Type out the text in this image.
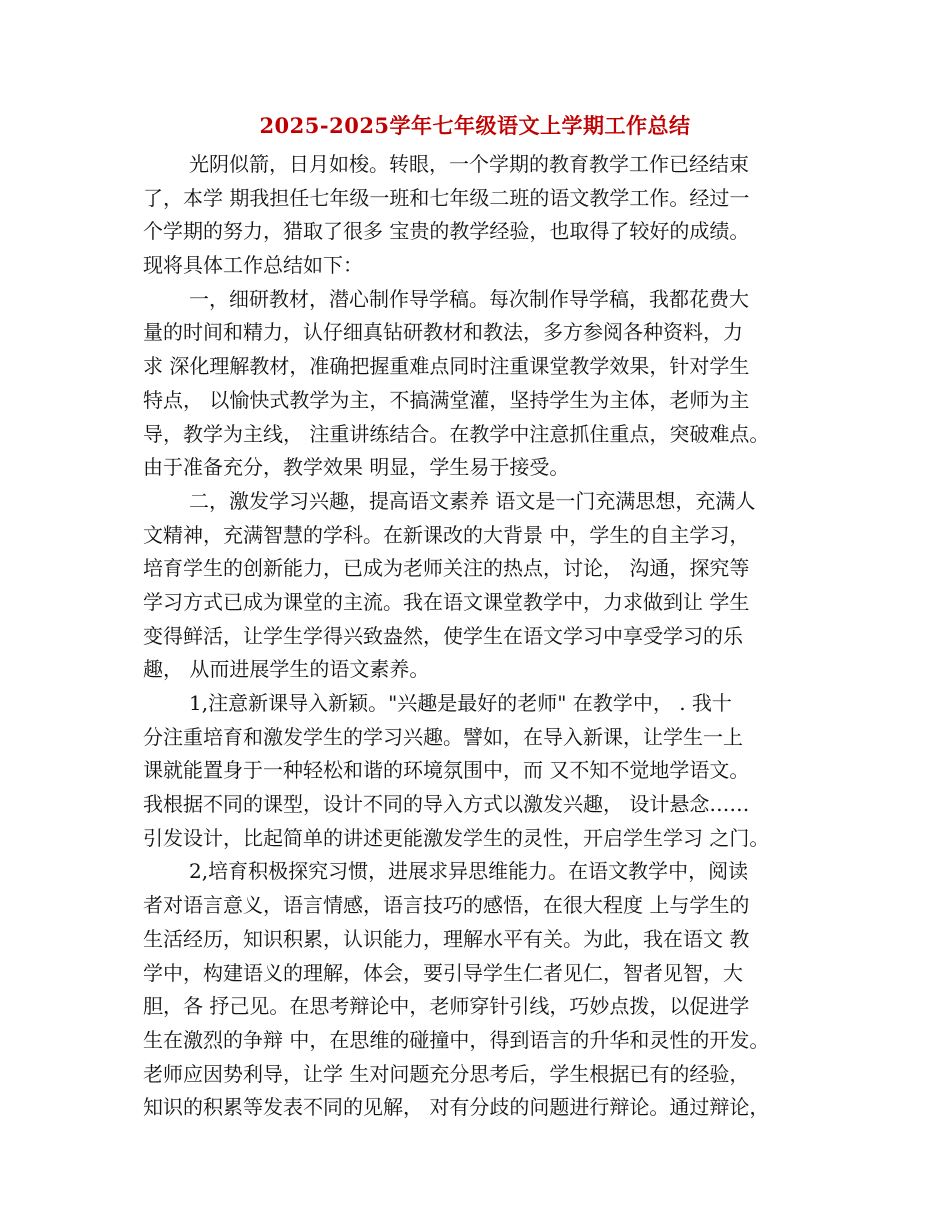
2025-2025学年七年级语文上学期工作总结
光阴似箭，日月如梭。转眼，一个学期的教育教学工作已经结束
了，本学 期我担任七年级一班和七年级二班的语文教学工作。经过一
个学期的努力，猎取了很多 宝贵的教学经验，也取得了较好的成绩。
现将具体工作总结如下：
一，细研教材，潜心制作导学稿。每次制作导学稿，我都花费大
量的时间和精力，认仔细真钻研教材和教法，多方参阅各种资料，力
求 深化理解教材，准确把握重难点同时注重课堂教学效果，针对学生
特点， 以愉快式教学为主，不搞满堂灌，坚持学生为主体，老师为主
导，教学为主线， 注重讲练结合。在教学中注意抓住重点，突破难点。
由于准备充分，教学效果 明显，学生易于接受。
二，激发学习兴趣，提高语文素养 语文是一门充满思想，充满人
文精神，充满智慧的学科。在新课改的大背景 中，学生的自主学习，
培育学生的创新能力，已成为老师关注的热点，讨论， 沟通，探究等
学习方式已成为课堂的主流。我在语文课堂教学中，力求做到让 学生
变得鲜活，让学生学得兴致盎然，使学生在语文学习中享受学习的乐
趣， 从而进展学生的语文素养。
1,注意新课导入新颖。"兴趣是最好的老师" 在教学中， . 我十
分注重培育和激发学生的学习兴趣。譬如，在导入新课，让学生一上
课就能置身于一种轻松和谐的环境氛围中，而 又不知不觉地学语文。
我根据不同的课型，设计不同的导入方式以激发兴趣， 设计悬念……
引发设计，比起简单的讲述更能激发学生的灵性，开启学生学习 之门。
2,培育积极探究习惯，进展求异思维能力。在语文教学中，阅读
者对语言意义，语言情感，语言技巧的感悟，在很大程度 上与学生的
生活经历，知识积累，认识能力，理解水平有关。为此，我在语文 教
学中，构建语义的理解，体会，要引导学生仁者见仁，智者见智，大
胆，各 抒己见。在思考辩论中，老师穿针引线，巧妙点拨，以促进学
生在激烈的争辩 中，在思维的碰撞中，得到语言的升华和灵性的开发。
老师应因势利导，让学 生对问题充分思考后，学生根据已有的经验，
知识的积累等发表不同的见解， 对有分歧的问题进行辩论。通过辩论，
